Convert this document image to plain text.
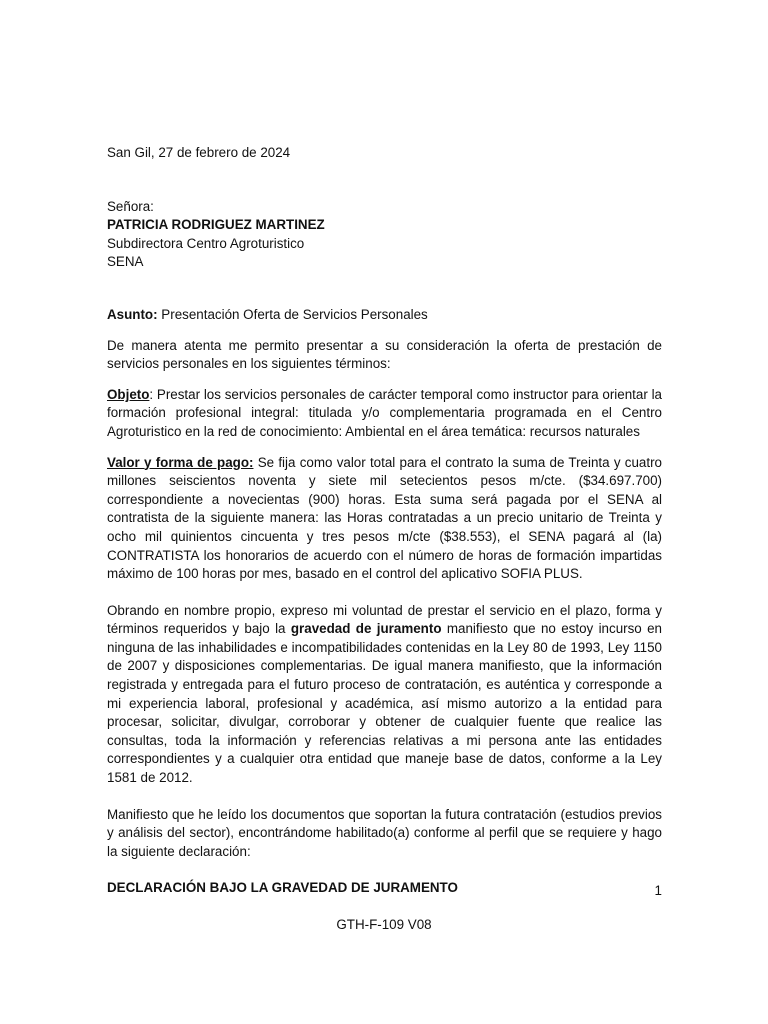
San Gil, 27 de febrero de 2024

Señora:
PATRICIA RODRIGUEZ MARTINEZ
Subdirectora Centro Agroturistico
SENA

Asunto: Presentación Oferta de Servicios Personales

De manera atenta me permito presentar a su consideración la oferta de prestación de servicios personales en los siguientes términos:

Objeto: Prestar los servicios personales de carácter temporal como instructor para orientar la formación profesional integral: titulada y/o complementaria programada en el Centro Agroturistico en la red de conocimiento: Ambiental en el área temática: recursos naturales

Valor y forma de pago: Se fija como valor total para el contrato la suma de Treinta y cuatro millones seiscientos noventa y siete mil setecientos pesos m/cte. ($34.697.700) correspondiente a novecientas (900) horas. Esta suma será pagada por el SENA al contratista de la siguiente manera: las Horas contratadas a un precio unitario de Treinta y ocho mil quinientos cincuenta y tres pesos m/cte ($38.553), el SENA pagará al (la) CONTRATISTA los honorarios de acuerdo con el número de horas de formación impartidas máximo de 100 horas por mes, basado en el control del aplicativo SOFIA PLUS.

Obrando en nombre propio, expreso mi voluntad de prestar el servicio en el plazo, forma y términos requeridos y bajo la gravedad de juramento manifiesto que no estoy incurso en ninguna de las inhabilidades e incompatibilidades contenidas en la Ley 80 de 1993, Ley 1150 de 2007 y disposiciones complementarias. De igual manera manifiesto, que la información registrada y entregada para el futuro proceso de contratación, es auténtica y corresponde a mi experiencia laboral, profesional y académica, así mismo autorizo a la entidad para procesar, solicitar, divulgar, corroborar y obtener de cualquier fuente que realice las consultas, toda la información y referencias relativas a mi persona ante las entidades correspondientes y a cualquier otra entidad que maneje base de datos, conforme a la Ley 1581 de 2012.

Manifiesto que he leído los documentos que soportan la futura contratación (estudios previos y análisis del sector), encontrándome habilitado(a) conforme al perfil que se requiere y hago la siguiente declaración:

DECLARACIÓN BAJO LA GRAVEDAD DE JURAMENTO	1
GTH-F-109 V08
